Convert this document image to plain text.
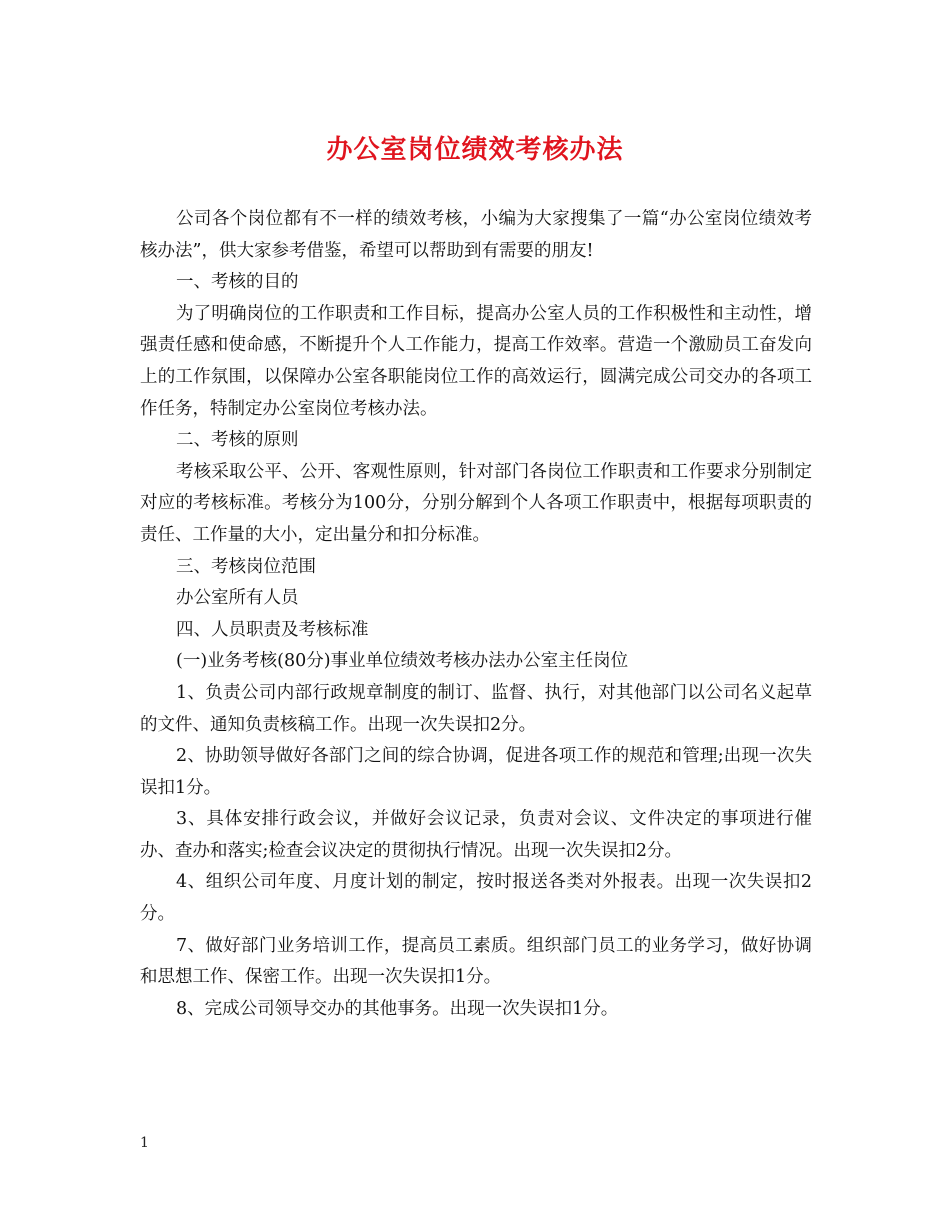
办公室岗位绩效考核办法

公司各个岗位都有不一样的绩效考核，小编为大家搜集了一篇“办公室岗位绩效考核办法”，供大家参考借鉴，希望可以帮助到有需要的朋友!

一、考核的目的

为了明确岗位的工作职责和工作目标，提高办公室人员的工作积极性和主动性，增强责任感和使命感，不断提升个人工作能力，提高工作效率。营造一个激励员工奋发向上的工作氛围，以保障办公室各职能岗位工作的高效运行，圆满完成公司交办的各项工作任务，特制定办公室岗位考核办法。

二、考核的原则

考核采取公平、公开、客观性原则，针对部门各岗位工作职责和工作要求分别制定对应的考核标准。考核分为100分，分别分解到个人各项工作职责中，根据每项职责的责任、工作量的大小，定出量分和扣分标准。

三、考核岗位范围

办公室所有人员

四、人员职责及考核标准

(一)业务考核(80分)事业单位绩效考核办法办公室主任岗位

1、负责公司内部行政规章制度的制订、监督、执行，对其他部门以公司名义起草的文件、通知负责核稿工作。出现一次失误扣2分。

2、协助领导做好各部门之间的综合协调，促进各项工作的规范和管理;出现一次失误扣1分。

3、具体安排行政会议，并做好会议记录，负责对会议、文件决定的事项进行催办、查办和落实;检查会议决定的贯彻执行情况。出现一次失误扣2分。

4、组织公司年度、月度计划的制定，按时报送各类对外报表。出现一次失误扣2分。

7、做好部门业务培训工作，提高员工素质。组织部门员工的业务学习，做好协调和思想工作、保密工作。出现一次失误扣1分。

8、完成公司领导交办的其他事务。出现一次失误扣1分。

1
